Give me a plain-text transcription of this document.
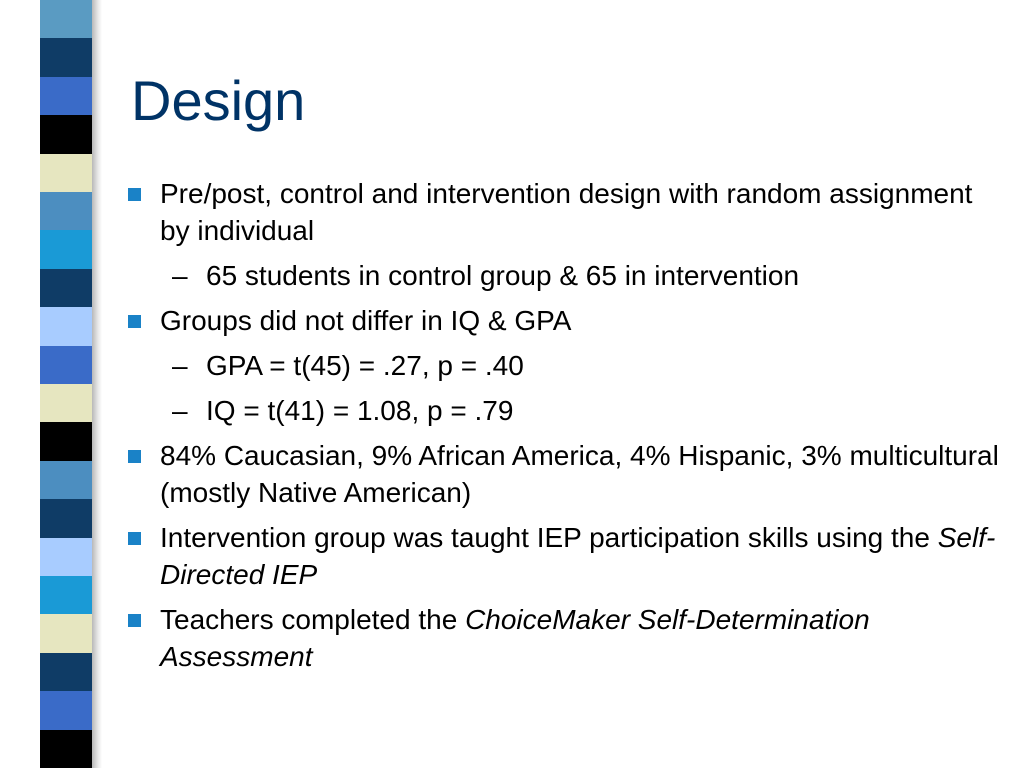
Design
Pre/post, control and intervention design with random assignment by individual
– 65 students in control group & 65 in intervention
Groups did not differ in IQ & GPA
– GPA = t(45) = .27, p = .40
– IQ = t(41) = 1.08, p = .79
84% Caucasian, 9% African America, 4% Hispanic, 3% multicultural (mostly Native American)
Intervention group was taught IEP participation skills using the Self-Directed IEP
Teachers completed the ChoiceMaker Self-Determination Assessment
